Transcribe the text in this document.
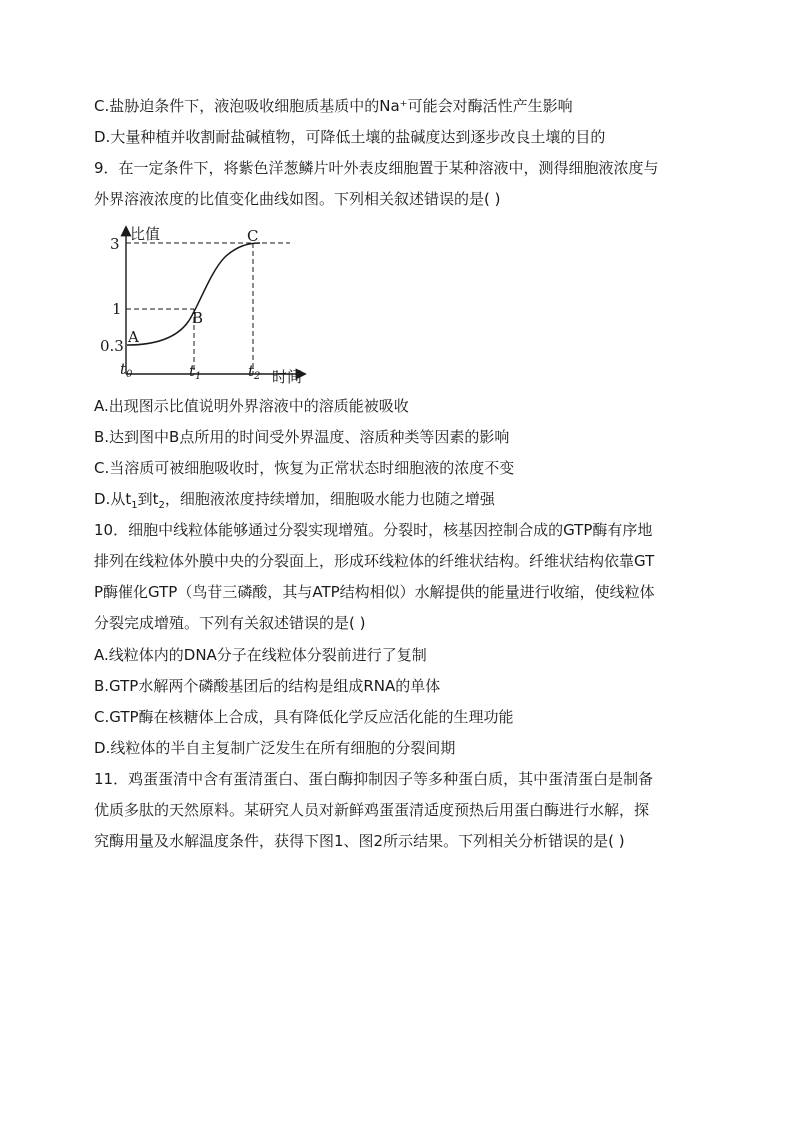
C.盐胁迫条件下，液泡吸收细胞质基质中的Na⁺可能会对酶活性产生影响
D.大量种植并收割耐盐碱植物，可降低土壤的盐碱度达到逐步改良土壤的目的
9．在一定条件下，将紫色洋葱鳞片叶外表皮细胞置于某种溶液中，测得细胞液浓度与
外界溶液浓度的比值变化曲线如图。下列相关叙述错误的是( )
比值
时间
3
1
0.3
$t_0$	$t_1$	$t_2$
A
B
C
A.出现图示比值说明外界溶液中的溶质能被吸收
B.达到图中B点所用的时间受外界温度、溶质种类等因素的影响
C.当溶质可被细胞吸收时，恢复为正常状态时细胞液的浓度不变
D.从$t_1$到$t_2$，细胞液浓度持续增加，细胞吸水能力也随之增强
10．细胞中线粒体能够通过分裂实现增殖。分裂时，核基因控制合成的GTP酶有序地
排列在线粒体外膜中央的分裂面上，形成环线粒体的纤维状结构。纤维状结构依靠GT
P酶催化GTP（鸟苷三磷酸，其与ATP结构相似）水解提供的能量进行收缩，使线粒体
分裂完成增殖。下列有关叙述错误的是( )
A.线粒体内的DNA分子在线粒体分裂前进行了复制
B.GTP水解两个磷酸基团后的结构是组成RNA的单体
C.GTP酶在核糖体上合成，具有降低化学反应活化能的生理功能
D.线粒体的半自主复制广泛发生在所有细胞的分裂间期
11．鸡蛋蛋清中含有蛋清蛋白、蛋白酶抑制因子等多种蛋白质，其中蛋清蛋白是制备
优质多肽的天然原料。某研究人员对新鲜鸡蛋蛋清适度预热后用蛋白酶进行水解，探
究酶用量及水解温度条件，获得下图1、图2所示结果。下列相关分析错误的是( )
